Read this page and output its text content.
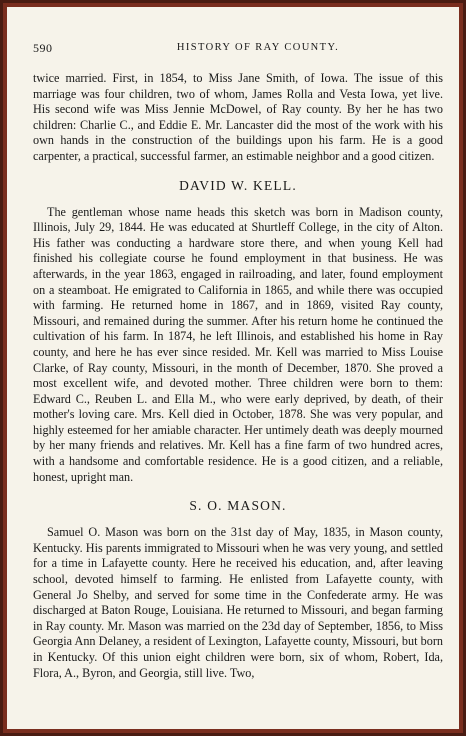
590	HISTORY OF RAY COUNTY.

twice married. First, in 1854, to Miss Jane Smith, of Iowa. The issue of this marriage was four children, two of whom, James Rolla and Vesta Iowa, yet live. His second wife was Miss Jennie McDowel, of Ray county. By her he has two children: Charlie C., and Eddie E. Mr. Lancaster did the most of the work with his own hands in the construction of the buildings upon his farm. He is a good carpenter, a practical, successful farmer, an estimable neighbor and a good citizen.

DAVID W. KELL.

The gentleman whose name heads this sketch was born in Madison county, Illinois, July 29, 1844. He was educated at Shurtleff College, in the city of Alton. His father was conducting a hardware store there, and when young Kell had finished his collegiate course he found employment in that business. He was afterwards, in the year 1863, engaged in railroading, and later, found employment on a steamboat. He emigrated to California in 1865, and while there was occupied with farming. He returned home in 1867, and in 1869, visited Ray county, Missouri, and remained during the summer. After his return home he continued the cultivation of his farm. In 1874, he left Illinois, and established his home in Ray county, and here he has ever since resided. Mr. Kell was married to Miss Louise Clarke, of Ray county, Missouri, in the month of December, 1870. She proved a most excellent wife, and devoted mother. Three children were born to them: Edward C., Reuben L. and Ella M., who were early deprived, by death, of their mother's loving care. Mrs. Kell died in October, 1878. She was very popular, and highly esteemed for her amiable character. Her untimely death was deeply mourned by her many friends and relatives. Mr. Kell has a fine farm of two hundred acres, with a handsome and comfortable residence. He is a good citizen, and a reliable, honest, upright man.

S. O. MASON.

Samuel O. Mason was born on the 31st day of May, 1835, in Mason county, Kentucky. His parents immigrated to Missouri when he was very young, and settled for a time in Lafayette county. Here he received his education, and, after leaving school, devoted himself to farming. He enlisted from Lafayette county, with General Jo Shelby, and served for some time in the Confederate army. He was discharged at Baton Rouge, Louisiana. He returned to Missouri, and began farming in Ray county. Mr. Mason was married on the 23d day of September, 1856, to Miss Georgia Ann Delaney, a resident of Lexington, Lafayette county, Missouri, but born in Kentucky. Of this union eight children were born, six of whom, Robert, Ida, Flora, A., Byron, and Georgia, still live. Two,
